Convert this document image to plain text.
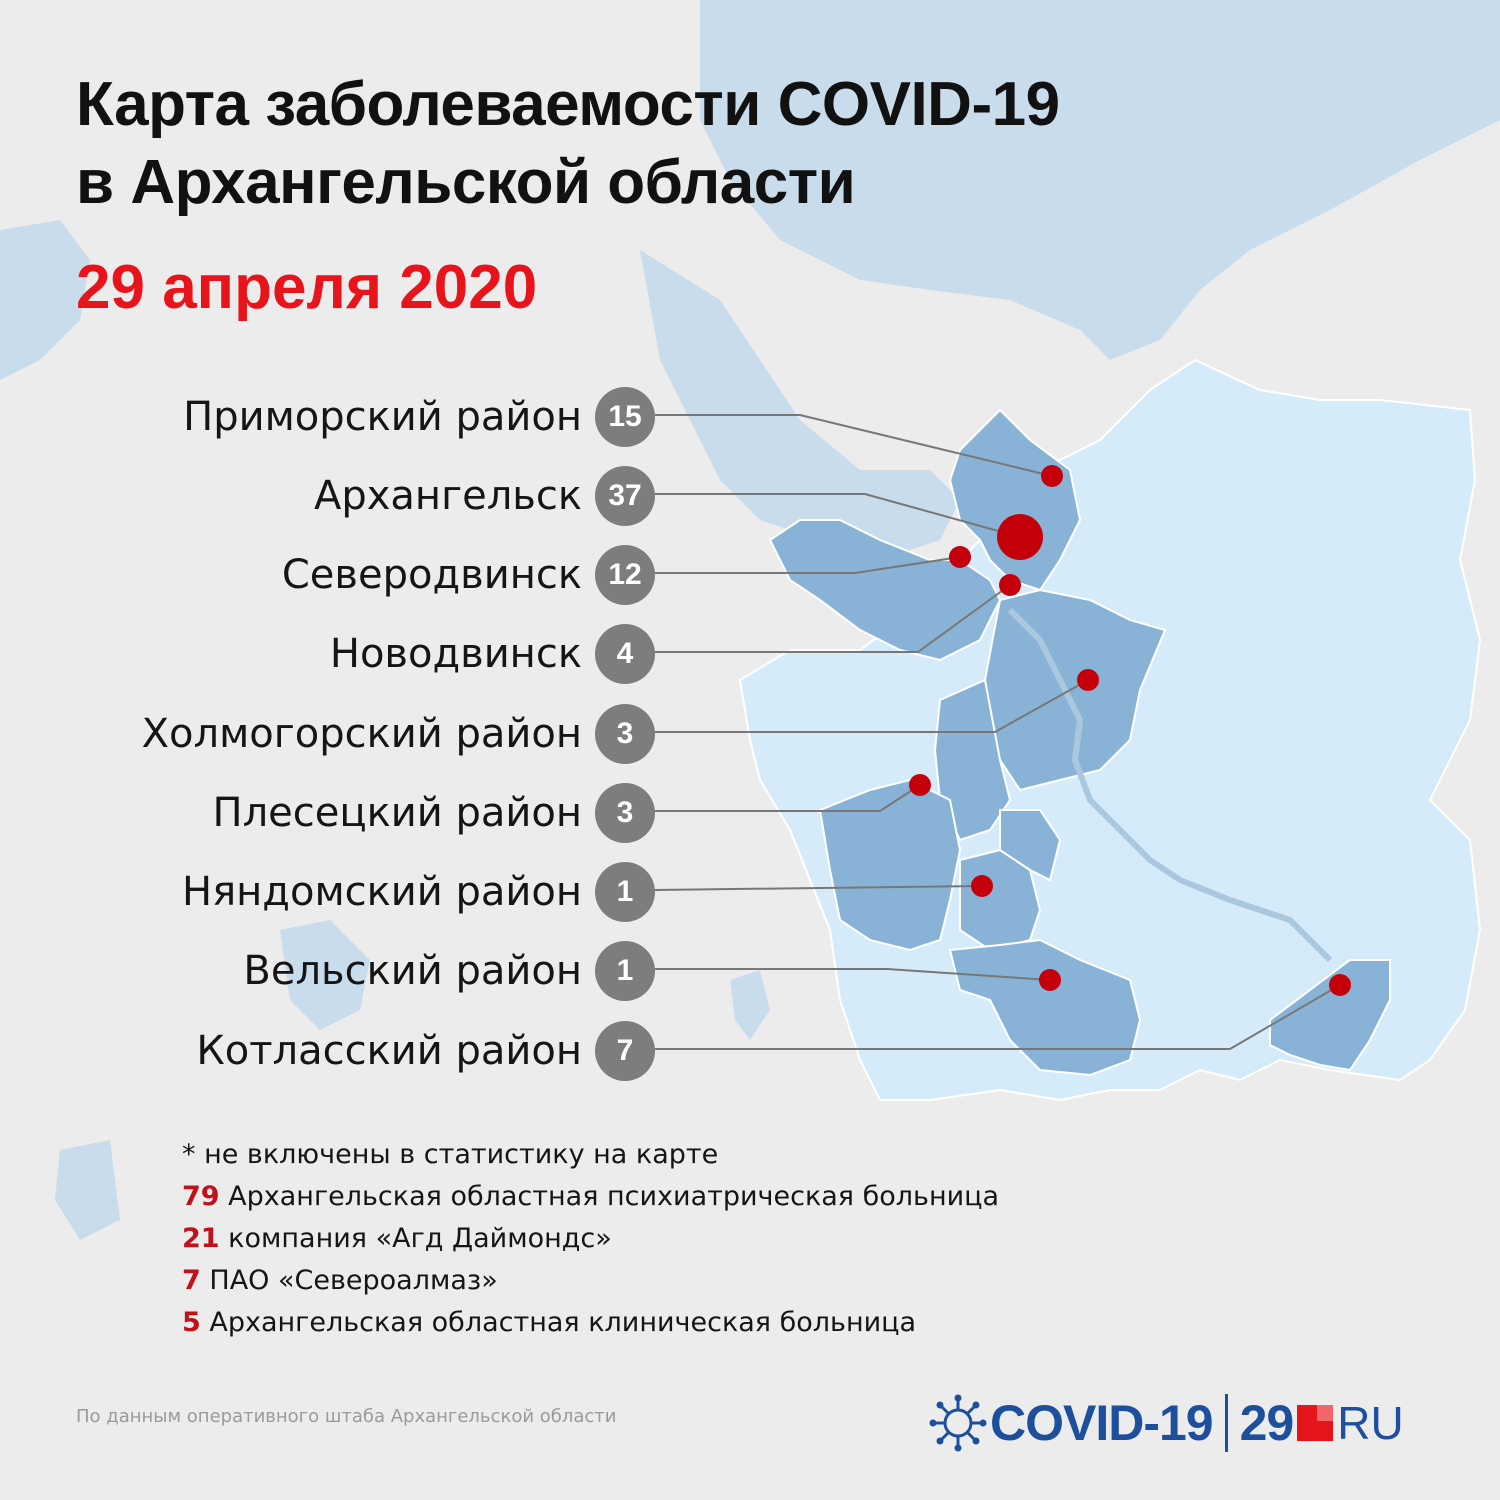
Карта заболеваемости COVID-19
в Архангельской области
29 апреля 2020
Приморский район 15
Архангельск 37
Северодвинск 12
Новодвинск	4
Холмогорский район	3
Плесецкий район	3
Няндомский район	1
Вельский район	1
Котласский район	7
* не включены в статистику на карте
79 Архангельская областная психиатрическая больница
21 компания «Агд Даймондс»
7 ПАО «Североалмаз»
5 Архангельская областная клиническая больница
По данным оперативного штаба Архангельской области	COVID-19 29 RU
